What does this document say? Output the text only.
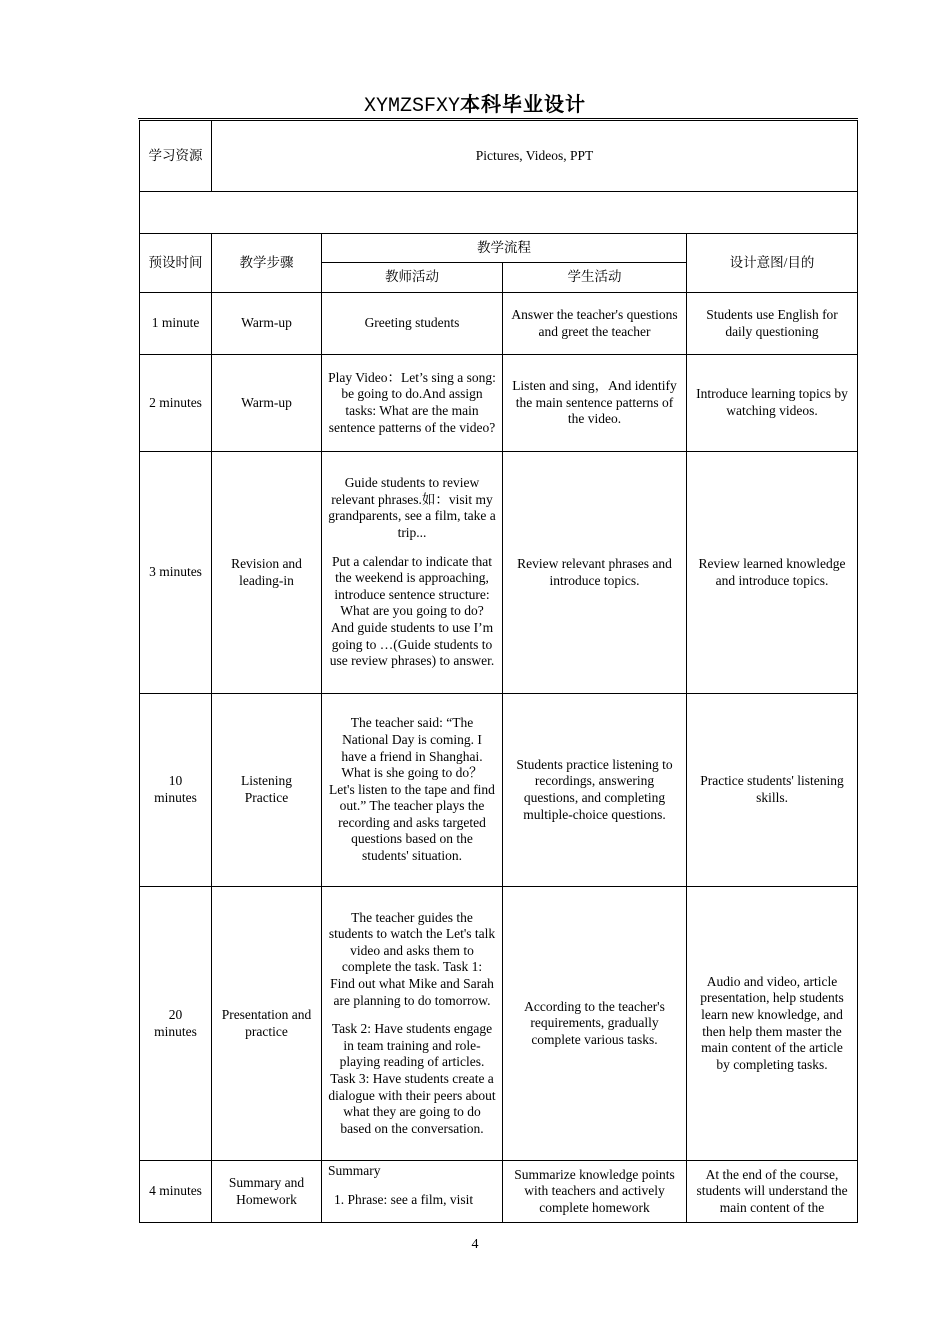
XYMZSFXY本科毕业设计
学习资源	Pictures, Videos, PPT			

预设时间	教学步骤	教学流程		设计意图/目的
		教师活动	学生活动	
1 minute	Warm-up	Greeting students	Answer the teacher's questions and greet the teacher	Students use English for daily questioning
2 minutes	Warm-up	Play Video：Let’s sing a song: be going to do.And assign tasks: What are the main sentence patterns of the video?	Listen and sing，And identify the main sentence patterns of the video.	Introduce learning topics by watching videos.
3 minutes	Revision and leading-in	Guide students to review relevant phrases.如：visit my grandparents, see a film, take a trip...

Put a calendar to indicate that the weekend is approaching, introduce sentence structure: What are you going to do? And guide students to use I’m going to …(Guide students to use review phrases) to answer.	Review relevant phrases and introduce topics.	Review learned knowledge and introduce topics.
10 minutes	Listening Practice	The teacher said: “The National Day is coming. I have a friend in Shanghai. What is she going to do？ Let's listen to the tape and find out.” The teacher plays the recording and asks targeted questions based on the students' situation.	Students practice listening to recordings, answering questions, and completing multiple-choice questions.	Practice students' listening skills.
20 minutes	Presentation and practice	The teacher guides the students to watch the Let's talk video and asks them to complete the task. Task 1: Find out what Mike and Sarah are planning to do tomorrow.

Task 2: Have students engage in team training and role-playing reading of articles. Task 3: Have students create a dialogue with their peers about what they are going to do based on the conversation.	According to the teacher's requirements, gradually complete various tasks.	Audio and video, article presentation, help students learn new knowledge, and then help them master the main content of the article by completing tasks.
4 minutes	Summary and Homework	Summary

1. Phrase: see a film, visit	Summarize knowledge points with teachers and actively complete homework	At the end of the course, students will understand the main content of the
4
